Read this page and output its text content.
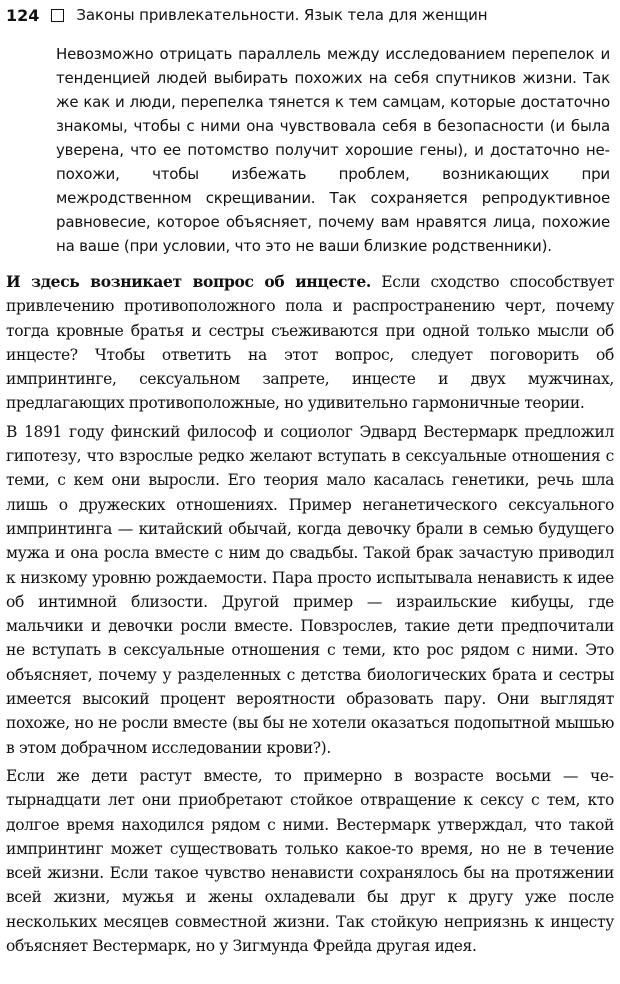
124 Законы привлекательности. Язык тела для женщин

Невозможно отрицать параллель между исследованием перепелок и тенденцией людей выбирать похожих на себя спутников жизни. Так же как и люди, перепелка тянется к тем самцам, которые достаточно знакомы, чтобы с ними она чувствовала себя в безопасности (и была уверена, что ее потомство получит хорошие гены), и достаточно непохожи, чтобы избежать проблем, возникающих при межродственном скрещивании. Так сохраняется репродуктивное равновесие, которое объясняет, почему вам нравятся лица, похожие на ваше (при условии, что это не ваши близкие родственники).

И здесь возникает вопрос об инцесте. Если сходство способствует привлечению противоположного пола и распространению черт, почему тогда кровные братья и сестры съеживаются при одной только мысли об инцесте? Чтобы ответить на этот вопрос, следует поговорить об импринтинге, сексуальном запрете, инцесте и двух мужчинах, предлагающих противоположные, но удивительно гармоничные теории.

В 1891 году финский философ и социолог Эдвард Вестермарк предложил гипотезу, что взрослые редко желают вступать в сексуальные отношения с теми, с кем они выросли. Его теория мало касалась генетики, речь шла лишь о дружеских отношениях. Пример неганетического сексуального импринтинга — китайский обычай, когда девочку брали в семью будущего мужа и она росла вместе с ним до свадьбы. Такой брак зачастую приводил к низкому уровню рождаемости. Пара просто испытывала ненависть к идее об интимной близости. Другой пример — израильские кибуцы, где мальчики и девочки росли вместе. Повзрослев, такие дети предпочитали не вступать в сексуальные отношения с теми, кто рос рядом с ними. Это объясняет, почему у разделенных с детства биологических брата и сестры имеется высокий процент вероятности образовать пару. Они выглядят похоже, но не росли вместе (вы бы не хотели оказаться подопытной мышью в этом добрачном исследовании крови?).

Если же дети растут вместе, то примерно в возрасте восьми — четырнадцати лет они приобретают стойкое отвращение к сексу с тем, кто долгое время находился рядом с ними. Вестермарк утверждал, что такой импринтинг может существовать только какое-то время, но не в течение всей жизни. Если такое чувство ненависти сохранялось бы на протяжении всей жизни, мужья и жены охладевали бы друг к другу уже после нескольких месяцев совместной жизни. Так стойкую неприязнь к инцесту объясняет Вестермарк, но у Зигмунда Фрейда другая идея.
